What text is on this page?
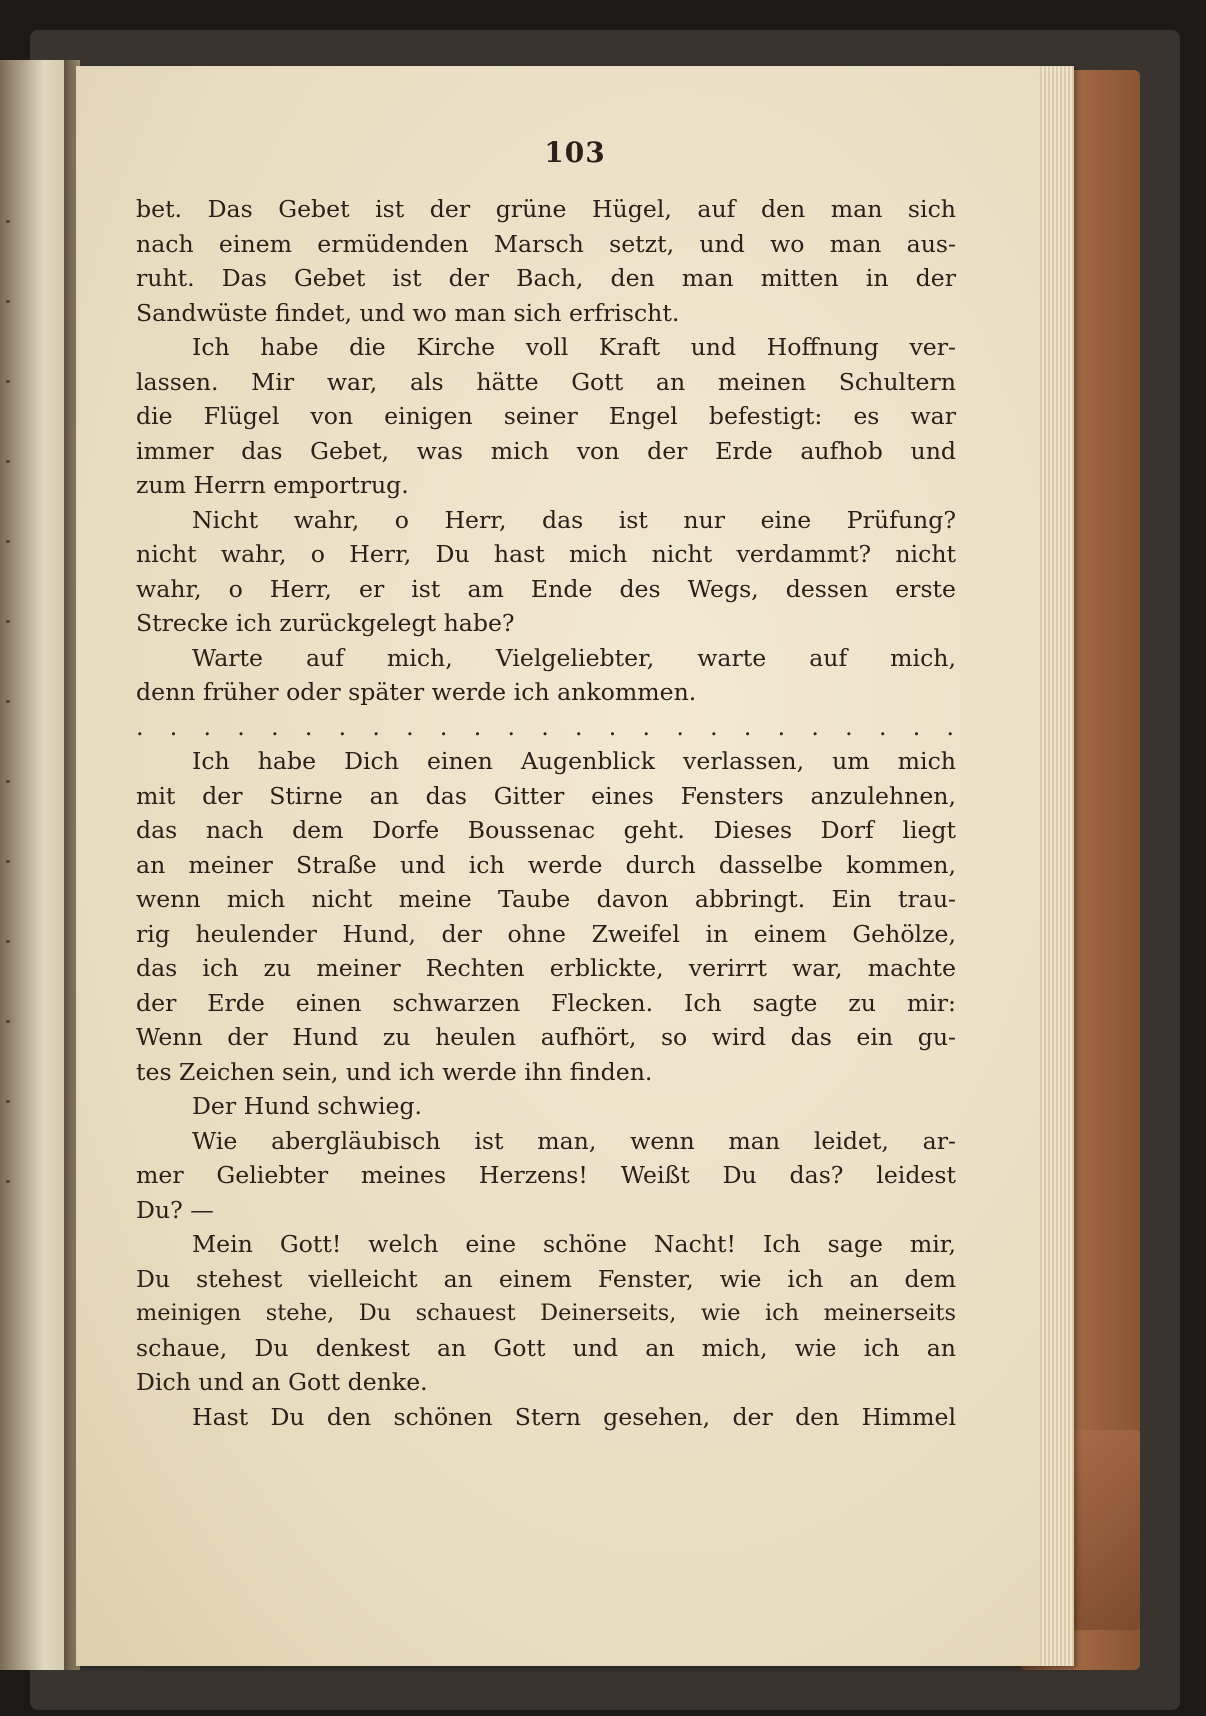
103
bet. Das Gebet ist der grüne Hügel, auf den man sich
nach einem ermüdenden Marsch setzt, und wo man aus-
ruht. Das Gebet ist der Bach, den man mitten in der
Sandwüste findet, und wo man sich erfrischt.
Ich habe die Kirche voll Kraft und Hoffnung ver-
lassen. Mir war, als hätte Gott an meinen Schultern
die Flügel von einigen seiner Engel befestigt: es war
immer das Gebet, was mich von der Erde aufhob und
zum Herrn emportrug.
Nicht wahr, o Herr, das ist nur eine Prüfung?
nicht wahr, o Herr, Du hast mich nicht verdammt? nicht
wahr, o Herr, er ist am Ende des Wegs, dessen erste
Strecke ich zurückgelegt habe?
Warte auf mich, Vielgeliebter, warte auf mich,
denn früher oder später werde ich ankommen.
. . . . . . . . . . . . . . . . . . . . . . . . .
Ich habe Dich einen Augenblick verlassen, um mich
mit der Stirne an das Gitter eines Fensters anzulehnen,
das nach dem Dorfe Boussenac geht. Dieses Dorf liegt
an meiner Straße und ich werde durch dasselbe kommen,
wenn mich nicht meine Taube davon abbringt. Ein trau-
rig heulender Hund, der ohne Zweifel in einem Gehölze,
das ich zu meiner Rechten erblickte, verirrt war, machte
der Erde einen schwarzen Flecken. Ich sagte zu mir:
Wenn der Hund zu heulen aufhört, so wird das ein gu-
tes Zeichen sein, und ich werde ihn finden.
Der Hund schwieg.
Wie abergläubisch ist man, wenn man leidet, ar-
mer Geliebter meines Herzens! Weißt Du das? leidest
Du? —
Mein Gott! welch eine schöne Nacht! Ich sage mir,
Du stehest vielleicht an einem Fenster, wie ich an dem
meinigen stehe, Du schauest Deinerseits, wie ich meinerseits
schaue, Du denkest an Gott und an mich, wie ich an
Dich und an Gott denke.
Hast Du den schönen Stern gesehen, der den Himmel
